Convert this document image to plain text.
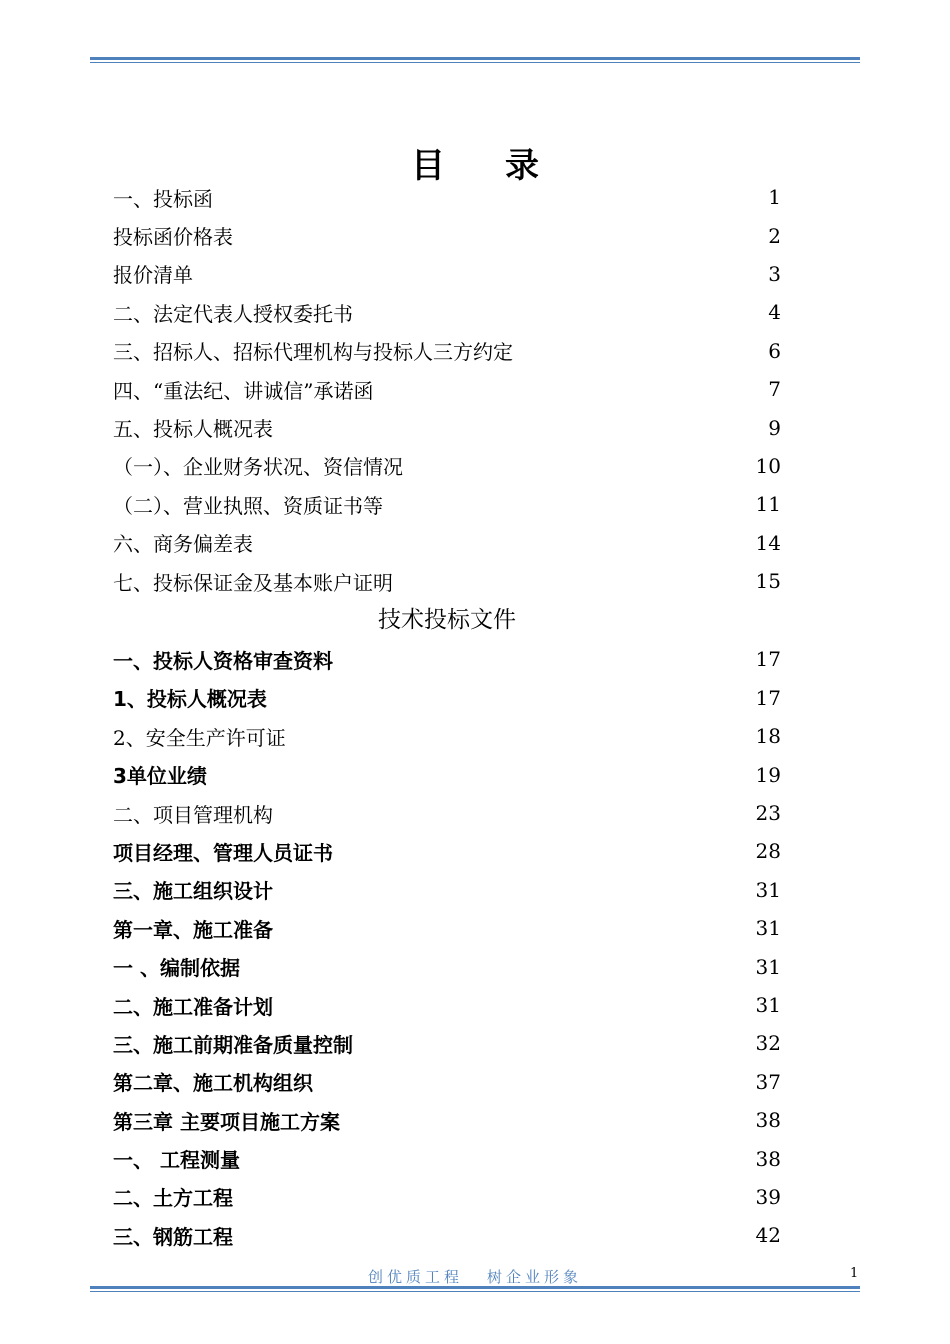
目录
一、投标函	1
投标函价格表	2
报价清单	3
二、法定代表人授权委托书	4
三、招标人、招标代理机构与投标人三方约定	6
四、“重法纪、讲诚信”承诺函	7
五、投标人概况表	9
（一）、企业财务状况、资信情况	10
（二）、营业执照、资质证书等	11
六、商务偏差表	14
七、投标保证金及基本账户证明	15
技术投标文件
一、投标人资格审查资料	17
1、投标人概况表	17
2、安全生产许可证	18
3单位业绩	19
二、项目管理机构	23
项目经理、管理人员证书	28
三、施工组织设计	31
第一章、施工准备	31
一 、编制依据	31
二、施工准备计划	31
三、施工前期准备质量控制	32
第二章、施工机构组织	37
第三章 主要项目施工方案	38
一、 工程测量	38
二、土方工程	39
三、钢筋工程	42
创优质工程 树企业形象	1
